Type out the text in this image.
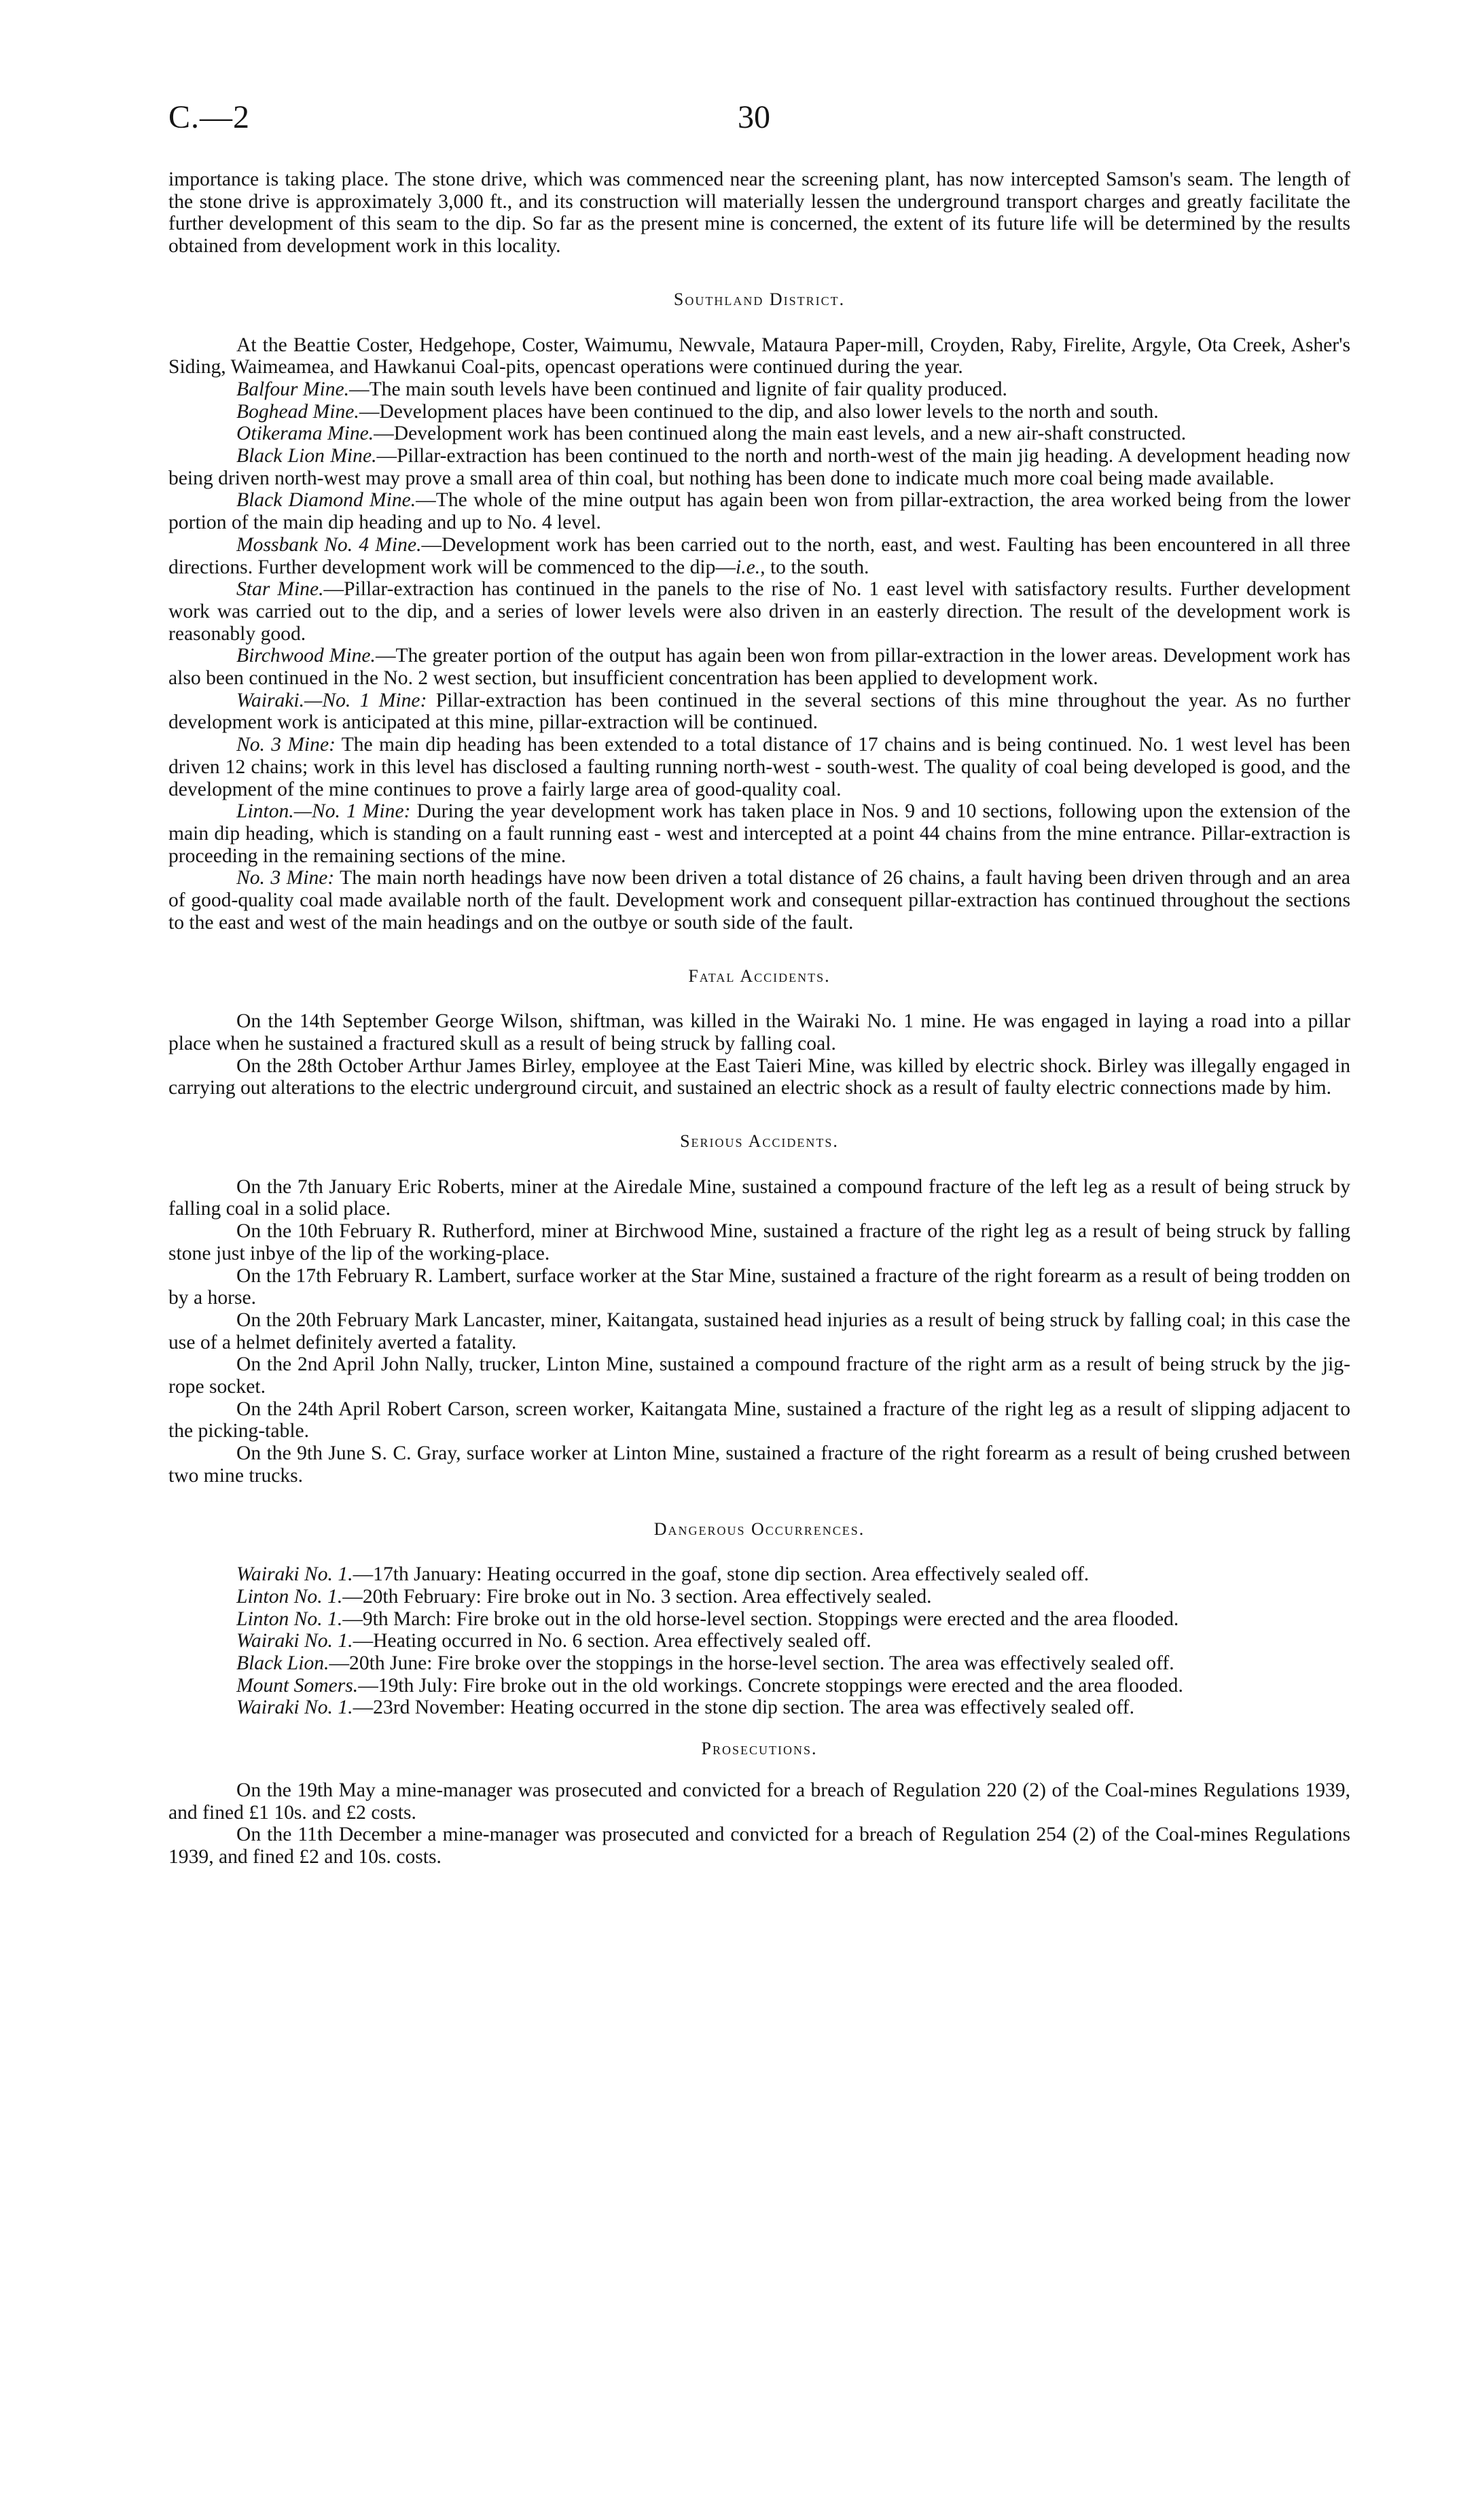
C.—2	30

importance is taking place. The stone drive, which was commenced near the screening plant, has now intercepted Samson's seam. The length of the stone drive is approximately 3,000 ft., and its construction will materially lessen the underground transport charges and greatly facilitate the further development of this seam to the dip. So far as the present mine is concerned, the extent of its future life will be determined by the results obtained from development work in this locality.

Southland District.

At the Beattie Coster, Hedgehope, Coster, Waimumu, Newvale, Mataura Paper-mill, Croyden, Raby, Firelite, Argyle, Ota Creek, Asher's Siding, Waimeamea, and Hawkanui Coal-pits, opencast operations were continued during the year.

Balfour Mine.—The main south levels have been continued and lignite of fair quality produced.

Boghead Mine.—Development places have been continued to the dip, and also lower levels to the north and south.

Otikerama Mine.—Development work has been continued along the main east levels, and a new air-shaft constructed.

Black Lion Mine.—Pillar-extraction has been continued to the north and north-west of the main jig heading. A development heading now being driven north-west may prove a small area of thin coal, but nothing has been done to indicate much more coal being made available.

Black Diamond Mine.—The whole of the mine output has again been won from pillar-extraction, the area worked being from the lower portion of the main dip heading and up to No. 4 level.

Mossbank No. 4 Mine.—Development work has been carried out to the north, east, and west. Faulting has been encountered in all three directions. Further development work will be commenced to the dip—i.e., to the south.

Star Mine.—Pillar-extraction has continued in the panels to the rise of No. 1 east level with satisfactory results. Further development work was carried out to the dip, and a series of lower levels were also driven in an easterly direction. The result of the development work is reasonably good.

Birchwood Mine.—The greater portion of the output has again been won from pillar-extraction in the lower areas. Development work has also been continued in the No. 2 west section, but insufficient concentration has been applied to development work.

Wairaki.—No. 1 Mine: Pillar-extraction has been continued in the several sections of this mine throughout the year. As no further development work is anticipated at this mine, pillar-extraction will be continued.

No. 3 Mine: The main dip heading has been extended to a total distance of 17 chains and is being continued. No. 1 west level has been driven 12 chains; work in this level has disclosed a faulting running north-west - south-west. The quality of coal being developed is good, and the development of the mine continues to prove a fairly large area of good-quality coal.

Linton.—No. 1 Mine: During the year development work has taken place in Nos. 9 and 10 sections, following upon the extension of the main dip heading, which is standing on a fault running east - west and intercepted at a point 44 chains from the mine entrance. Pillar-extraction is proceeding in the remaining sections of the mine.

No. 3 Mine: The main north headings have now been driven a total distance of 26 chains, a fault having been driven through and an area of good-quality coal made available north of the fault. Development work and consequent pillar-extraction has continued throughout the sections to the east and west of the main headings and on the outbye or south side of the fault.

Fatal Accidents.

On the 14th September George Wilson, shiftman, was killed in the Wairaki No. 1 mine. He was engaged in laying a road into a pillar place when he sustained a fractured skull as a result of being struck by falling coal.

On the 28th October Arthur James Birley, employee at the East Taieri Mine, was killed by electric shock. Birley was illegally engaged in carrying out alterations to the electric underground circuit, and sustained an electric shock as a result of faulty electric connections made by him.

Serious Accidents.

On the 7th January Eric Roberts, miner at the Airedale Mine, sustained a compound fracture of the left leg as a result of being struck by falling coal in a solid place.

On the 10th February R. Rutherford, miner at Birchwood Mine, sustained a fracture of the right leg as a result of being struck by falling stone just inbye of the lip of the working-place.

On the 17th February R. Lambert, surface worker at the Star Mine, sustained a fracture of the right forearm as a result of being trodden on by a horse.

On the 20th February Mark Lancaster, miner, Kaitangata, sustained head injuries as a result of being struck by falling coal; in this case the use of a helmet definitely averted a fatality.

On the 2nd April John Nally, trucker, Linton Mine, sustained a compound fracture of the right arm as a result of being struck by the jig-rope socket.

On the 24th April Robert Carson, screen worker, Kaitangata Mine, sustained a fracture of the right leg as a result of slipping adjacent to the picking-table.

On the 9th June S. C. Gray, surface worker at Linton Mine, sustained a fracture of the right forearm as a result of being crushed between two mine trucks.

Dangerous Occurrences.

Wairaki No. 1.—17th January: Heating occurred in the goaf, stone dip section. Area effectively sealed off.

Linton No. 1.—20th February: Fire broke out in No. 3 section. Area effectively sealed.

Linton No. 1.—9th March: Fire broke out in the old horse-level section. Stoppings were erected and the area flooded.

Wairaki No. 1.—Heating occurred in No. 6 section. Area effectively sealed off.

Black Lion.—20th June: Fire broke over the stoppings in the horse-level section. The area was effectively sealed off.

Mount Somers.—19th July: Fire broke out in the old workings. Concrete stoppings were erected and the area flooded.

Wairaki No. 1.—23rd November: Heating occurred in the stone dip section. The area was effectively sealed off.

Prosecutions.

On the 19th May a mine-manager was prosecuted and convicted for a breach of Regulation 220 (2) of the Coal-mines Regulations 1939, and fined £1 10s. and £2 costs.

On the 11th December a mine-manager was prosecuted and convicted for a breach of Regulation 254 (2) of the Coal-mines Regulations 1939, and fined £2 and 10s. costs.
